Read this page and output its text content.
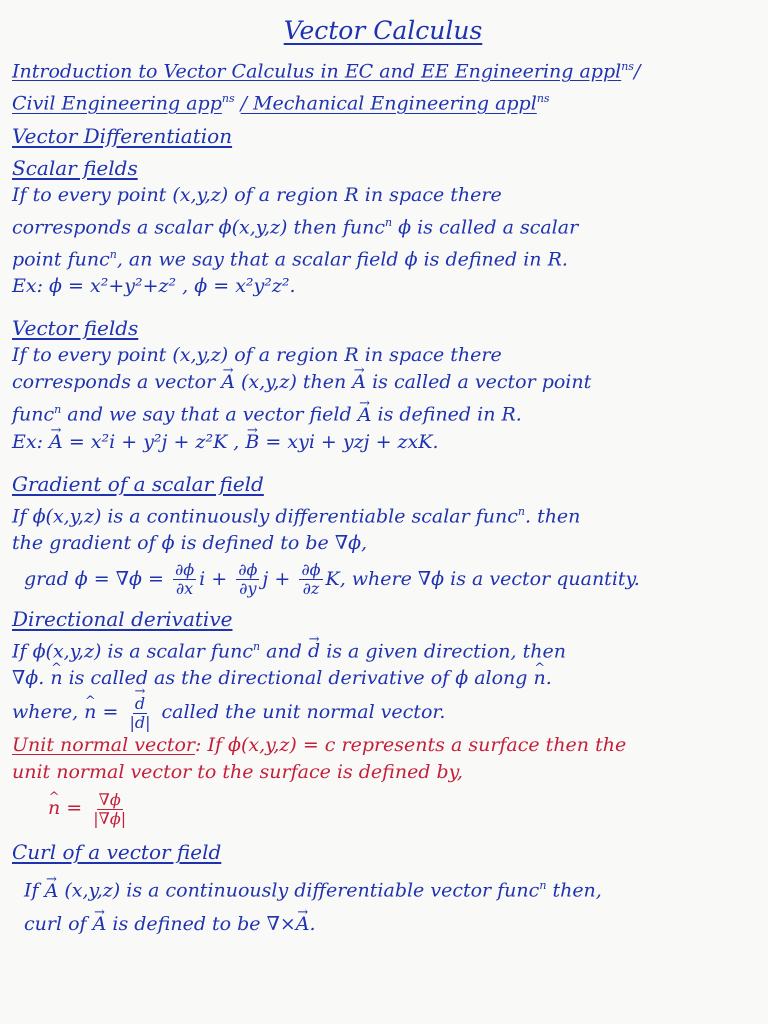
Vector Calculus
Introduction to Vector Calculus in EC and EE Engineering appl$^{ns}$/
Civil Engineering app$^{ns}$ / Mechanical Engineering appl$^{ns}$
Vector Differentiation
Scalar fields
If to every point (x,y,z) of a region R in space there
corresponds a scalar ϕ(x,y,z) then func$^n$ ϕ is called a scalar
point func$^n$, an we say that a scalar field ϕ is defined in R.
Ex: ϕ = x²+y²+z² , ϕ = x²y²z².
Vector fields
If to every point (x,y,z) of a region R in space there
corresponds a vector → A (x,y,z) then → A is called a vector point
func$^n$ and we say that a vector field → A is defined in R.
Ex: → A = x²i + y²j + z²K , → B = xyi + yzj + zxK.
Gradient of a scalar field
If ϕ(x,y,z) is a continuously differentiable scalar func$^n$. then
the gradient of ϕ is defined to be ∇ϕ,
grad $\phi = \nabla\phi = \frac{\partial\phi}{\partial x}$ $i + \frac{\partial\phi}{\partial y}$ $j + \frac{\partial\phi}{\partial z} K$, where ∇ϕ is a vector quantity.
Directional derivative
If ϕ(x,y,z) is a scalar func$^n$ and → d is a given direction, then
∇ϕ. ^ n is called as the directional derivative of ϕ along ^ n.
where, ^ n = → $\frac{d}{|d|}$ called the unit normal vector.
Unit normal vector: If ϕ(x,y,z) = c represents a surface then the
unit normal vector to the surface is defined by,
^ $n = \frac{\nabla\phi}{|\nabla\phi|}$
Curl of a vector field
If → A (x,y,z) is a continuously differentiable vector func$^n$ then,
curl of → A is defined to be ∇×→ A.
